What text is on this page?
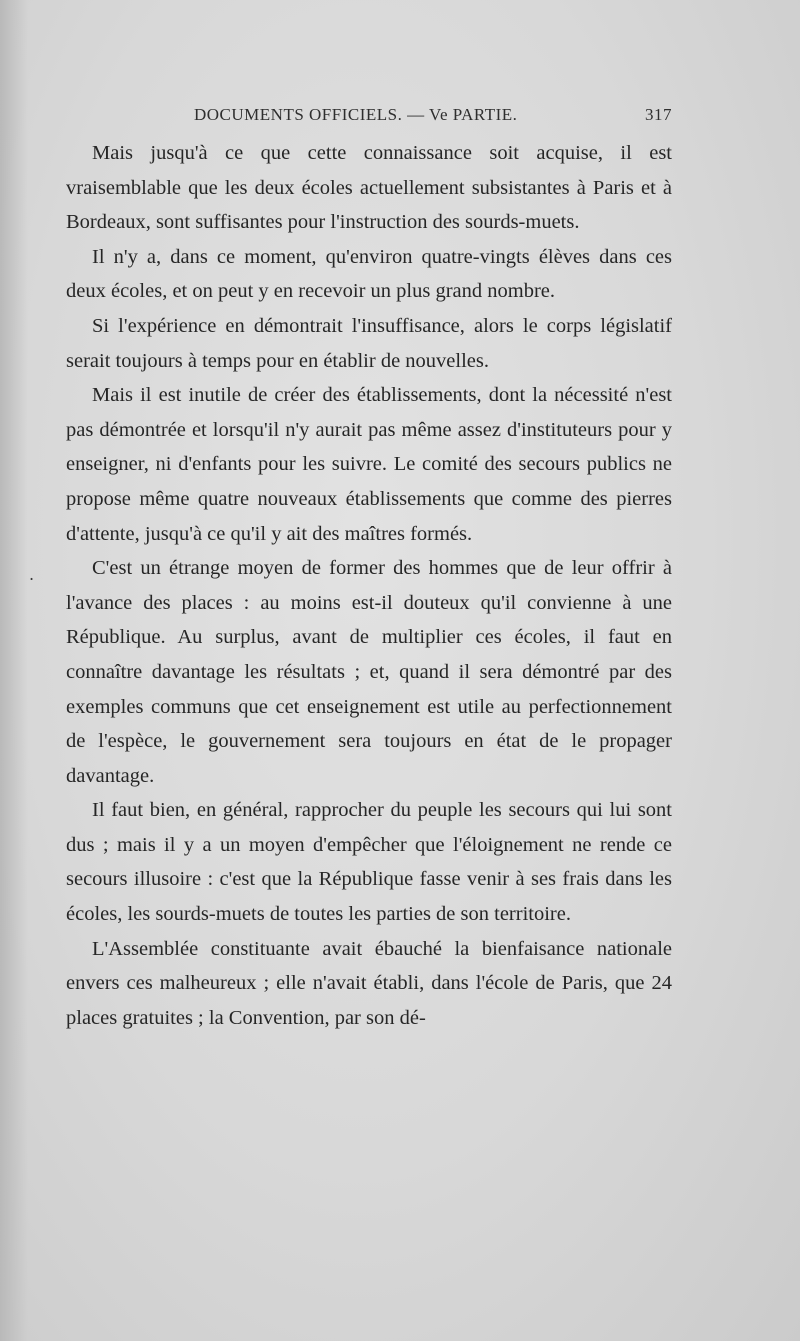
DOCUMENTS OFFICIELS. — Ve PARTIE.	317
.

Mais jusqu'à ce que cette connaissance soit acquise, il est vraisemblable que les deux écoles actuellement subsistantes à Paris et à Bordeaux, sont suffisantes pour l'instruction des sourds-muets.

Il n'y a, dans ce moment, qu'environ quatre-vingts élèves dans ces deux écoles, et on peut y en recevoir un plus grand nombre.

Si l'expérience en démontrait l'insuffisance, alors le corps législatif serait toujours à temps pour en établir de nouvelles.

Mais il est inutile de créer des établissements, dont la nécessité n'est pas démontrée et lorsqu'il n'y aurait pas même assez d'instituteurs pour y enseigner, ni d'enfants pour les suivre. Le comité des secours publics ne propose même quatre nouveaux établissements que comme des pierres d'attente, jusqu'à ce qu'il y ait des maîtres formés.

C'est un étrange moyen de former des hommes que de leur offrir à l'avance des places : au moins est-il douteux qu'il convienne à une République. Au surplus, avant de multiplier ces écoles, il faut en connaître davantage les résultats ; et, quand il sera démontré par des exemples communs que cet enseignement est utile au perfectionnement de l'espèce, le gouvernement sera toujours en état de le propager davantage.

Il faut bien, en général, rapprocher du peuple les secours qui lui sont dus ; mais il y a un moyen d'empêcher que l'éloignement ne rende ce secours illusoire : c'est que la République fasse venir à ses frais dans les écoles, les sourds-muets de toutes les parties de son territoire.

L'Assemblée constituante avait ébauché la bienfaisance nationale envers ces malheureux ; elle n'avait établi, dans l'école de Paris, que 24 places gratuites ; la Convention, par son dé-
